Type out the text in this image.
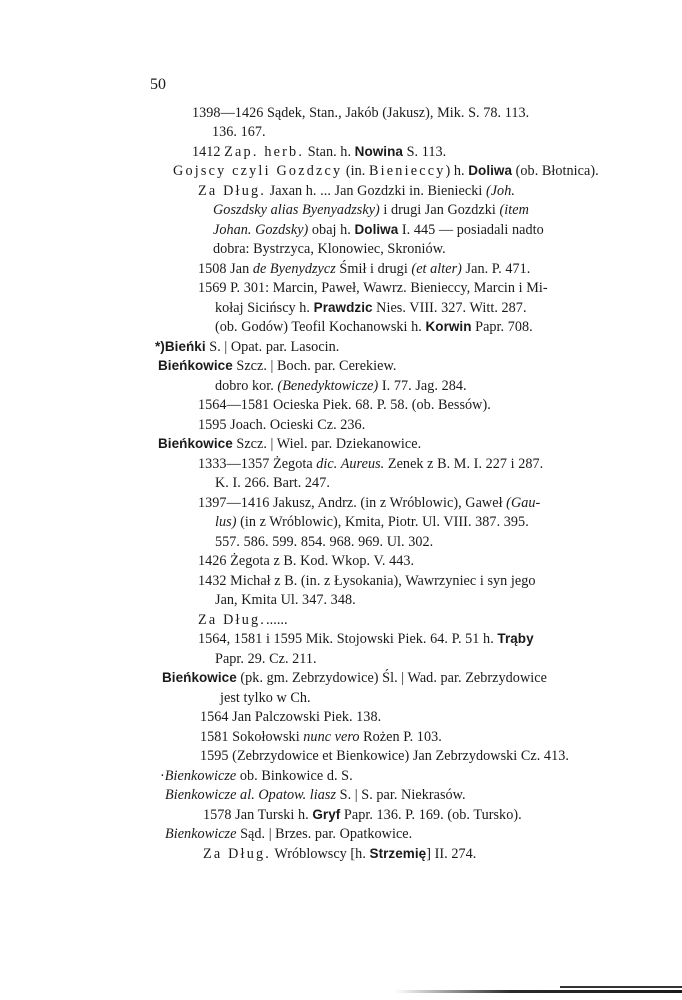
50
1398—1426 Sądek, Stan., Jakób (Jakusz), Mik. S. 78. 113.
136. 167.
1412 Zap. herb. Stan. h. Nowina S. 113.
Gojscy czyli Gozdzcy (in. Bienieccy) h. Doliwa (ob. Błotnica).
Za Dług. Jaxan h. ... Jan Gozdzki in. Bieniecki (Joh.
Goszdsky alias Byenyadzsky) i drugi Jan Gozdzki (item
Johan. Gozdsky) obaj h. Doliwa I. 445 — posiadali nadto
dobra: Bystrzyca, Klonowiec, Skroniów.
1508 Jan de Byenydzycz Śmił i drugi (et alter) Jan. P. 471.
1569 P. 301: Marcin, Paweł, Wawrz. Bienieccy, Marcin i Mi-
kołaj Sicińscy h. Prawdzic Nies. VIII. 327. Witt. 287.
(ob. Godów) Teofil Kochanowski h. Korwin Papr. 708.
*)Bieńki S. | Opat. par. Lasocin.
Bieńkowice Szcz. | Boch. par. Cerekiew.
dobro kor. (Benedyktowicze) I. 77. Jag. 284.
1564—1581 Ocieska Piek. 68. P. 58. (ob. Bessów).
1595 Joach. Ocieski Cz. 236.
Bieńkowice Szcz. | Wiel. par. Dziekanowice.
1333—1357 Żegota dic. Aureus. Zenek z B. M. I. 227 i 287.
K. I. 266. Bart. 247.
1397—1416 Jakusz, Andrz. (in z Wróblowic), Gaweł (Gau-
lus) (in z Wróblowic), Kmita, Piotr. Ul. VIII. 387. 395.
557. 586. 599. 854. 968. 969. Ul. 302.
1426 Żegota z B. Kod. Wkop. V. 443.
1432 Michał z B. (in. z Łysokania), Wawrzyniec i syn jego
Jan, Kmita Ul. 347. 348.
Za Dług.......
1564, 1581 i 1595 Mik. Stojowski Piek. 64. P. 51 h. Trąby
Papr. 29. Cz. 211.
Bieńkowice (pk. gm. Zebrzydowice) Śl. | Wad. par. Zebrzydowice
jest tylko w Ch.
1564 Jan Palczowski Piek. 138.
1581 Sokołowski nunc vero Rożen P. 103.
1595 (Zebrzydowice et Bienkowice) Jan Zebrzydowski Cz. 413.
·Bienkowicze ob. Binkowice d. S.
Bienkowicze al. Opatow. liasz S. | S. par. Niekrasów.
1578 Jan Turski h. Gryf Papr. 136. P. 169. (ob. Tursko).
Bienkowicze Sąd. | Brzes. par. Opatkowice.
Za Dług. Wróblowscy [h. Strzemię] II. 274.
